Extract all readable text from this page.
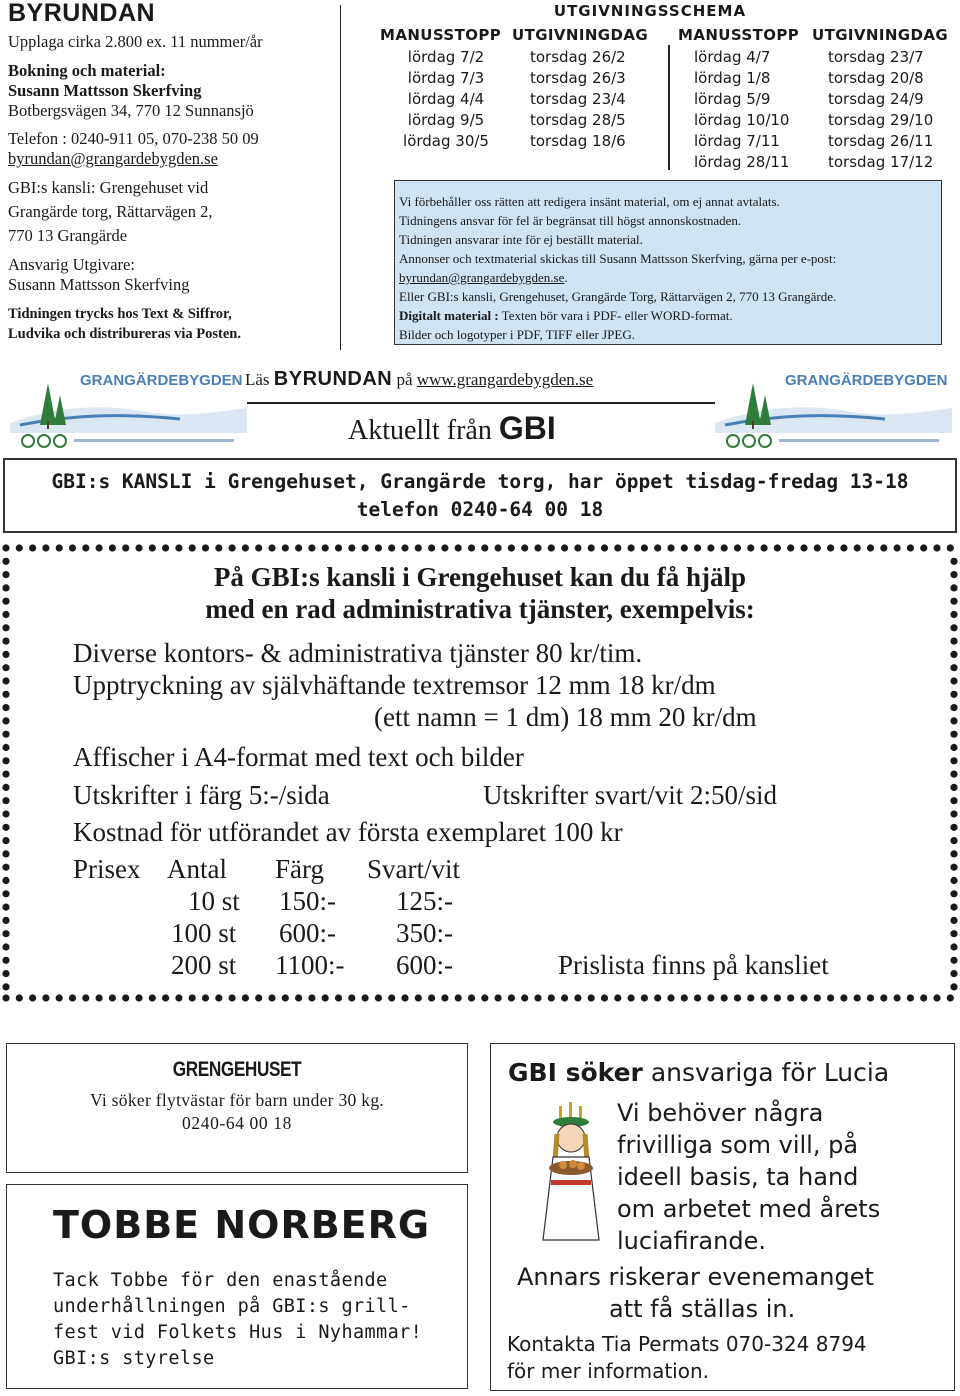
BYRUNDAN
Upplaga cirka 2.800 ex. 11 nummer/år
Bokning och material:
Susann Mattsson Skerfving
Botbergsvägen 34, 770 12 Sunnansjö
Telefon : 0240-911 05, 070-238 50 09
byrundan@grangardebygden.se
GBI:s kansli: Grengehuset vid
Grangärde torg, Rättarvägen 2,
770 13 Grangärde
Ansvarig Utgivare:
Susann Mattsson Skerfving
Tidningen trycks hos Text & Siffror,
Ludvika och distribureras via Posten.
UTGIVNINGSSCHEMA
MANUSSTOPP UTGIVNINGDAG MANUSSTOPP UTGIVNINGDAG
lördag 7/2
lördag 7/3
lördag 4/4
lördag 9/5
lördag 30/5
torsdag 26/2
torsdag 26/3
torsdag 23/4
torsdag 28/5
torsdag 18/6
lördag 4/7
lördag 1/8
lördag 5/9
lördag 10/10
lördag 7/11
lördag 28/11
torsdag 23/7
torsdag 20/8
torsdag 24/9
torsdag 29/10
torsdag 26/11
torsdag 17/12
Vi förbehåller oss rätten att redigera insänt material, om ej annat avtalats.
Tidningens ansvar för fel är begränsat till högst annonskostnaden.
Tidningen ansvarar inte för ej beställt material.
Annonser och textmaterial skickas till Susann Mattsson Skerfving, gärna per e-post:
byrundan@grangardebygden.se.
Eller GBI:s kansli, Grengehuset, Grangärde Torg, Rättarvägen 2, 770 13 Grangärde.
Digitalt material : Texten bör vara i PDF- eller WORD-format.
Bilder och logotyper i PDF, TIFF eller JPEG.
GRANGÄRDEBYGDEN Läs BYRUNDAN på www.grangardebygden.se
Aktuellt från GBI
GRANGÄRDEBYGDEN
GBI:s KANSLI i Grengehuset, Grangärde torg, har öppet tisdag-fredag 13-18
telefon 0240-64 00 18
På GBI:s kansli i Grengehuset kan du få hjälp
med en rad administrativa tjänster, exempelvis:
Diverse kontors- & administrativa tjänster 80 kr/tim.
Upptryckning av självhäftande textremsor 12 mm 18 kr/dm
(ett namn = 1 dm) 18 mm 20 kr/dm
Affischer i A4-format med text och bilder
Utskrifter i färg 5:-/sida	Utskrifter svart/vit 2:50/sid
Kostnad för utförandet av första exemplaret 100 kr
Prisex Antal Färg Svart/vit
10 st 150:- 125:-
100 st 600:- 350:-
200 st 1100:- 600:-	Prislista finns på kansliet
GRENGEHUSET
Vi söker flytvästar för barn under 30 kg.
0240-64 00 18
TOBBE NORBERG
Tack Tobbe för den enastående
underhållningen på GBI:s grill-
fest vid Folkets Hus i Nyhammar!
GBI:s styrelse
GBI söker ansvariga för Lucia
Vi behöver några
frivilliga som vill, på
ideell basis, ta hand
om arbetet med årets
luciafirande.
Annars riskerar evenemanget
att få ställas in.
Kontakta Tia Permats 070-324 8794
för mer information.
